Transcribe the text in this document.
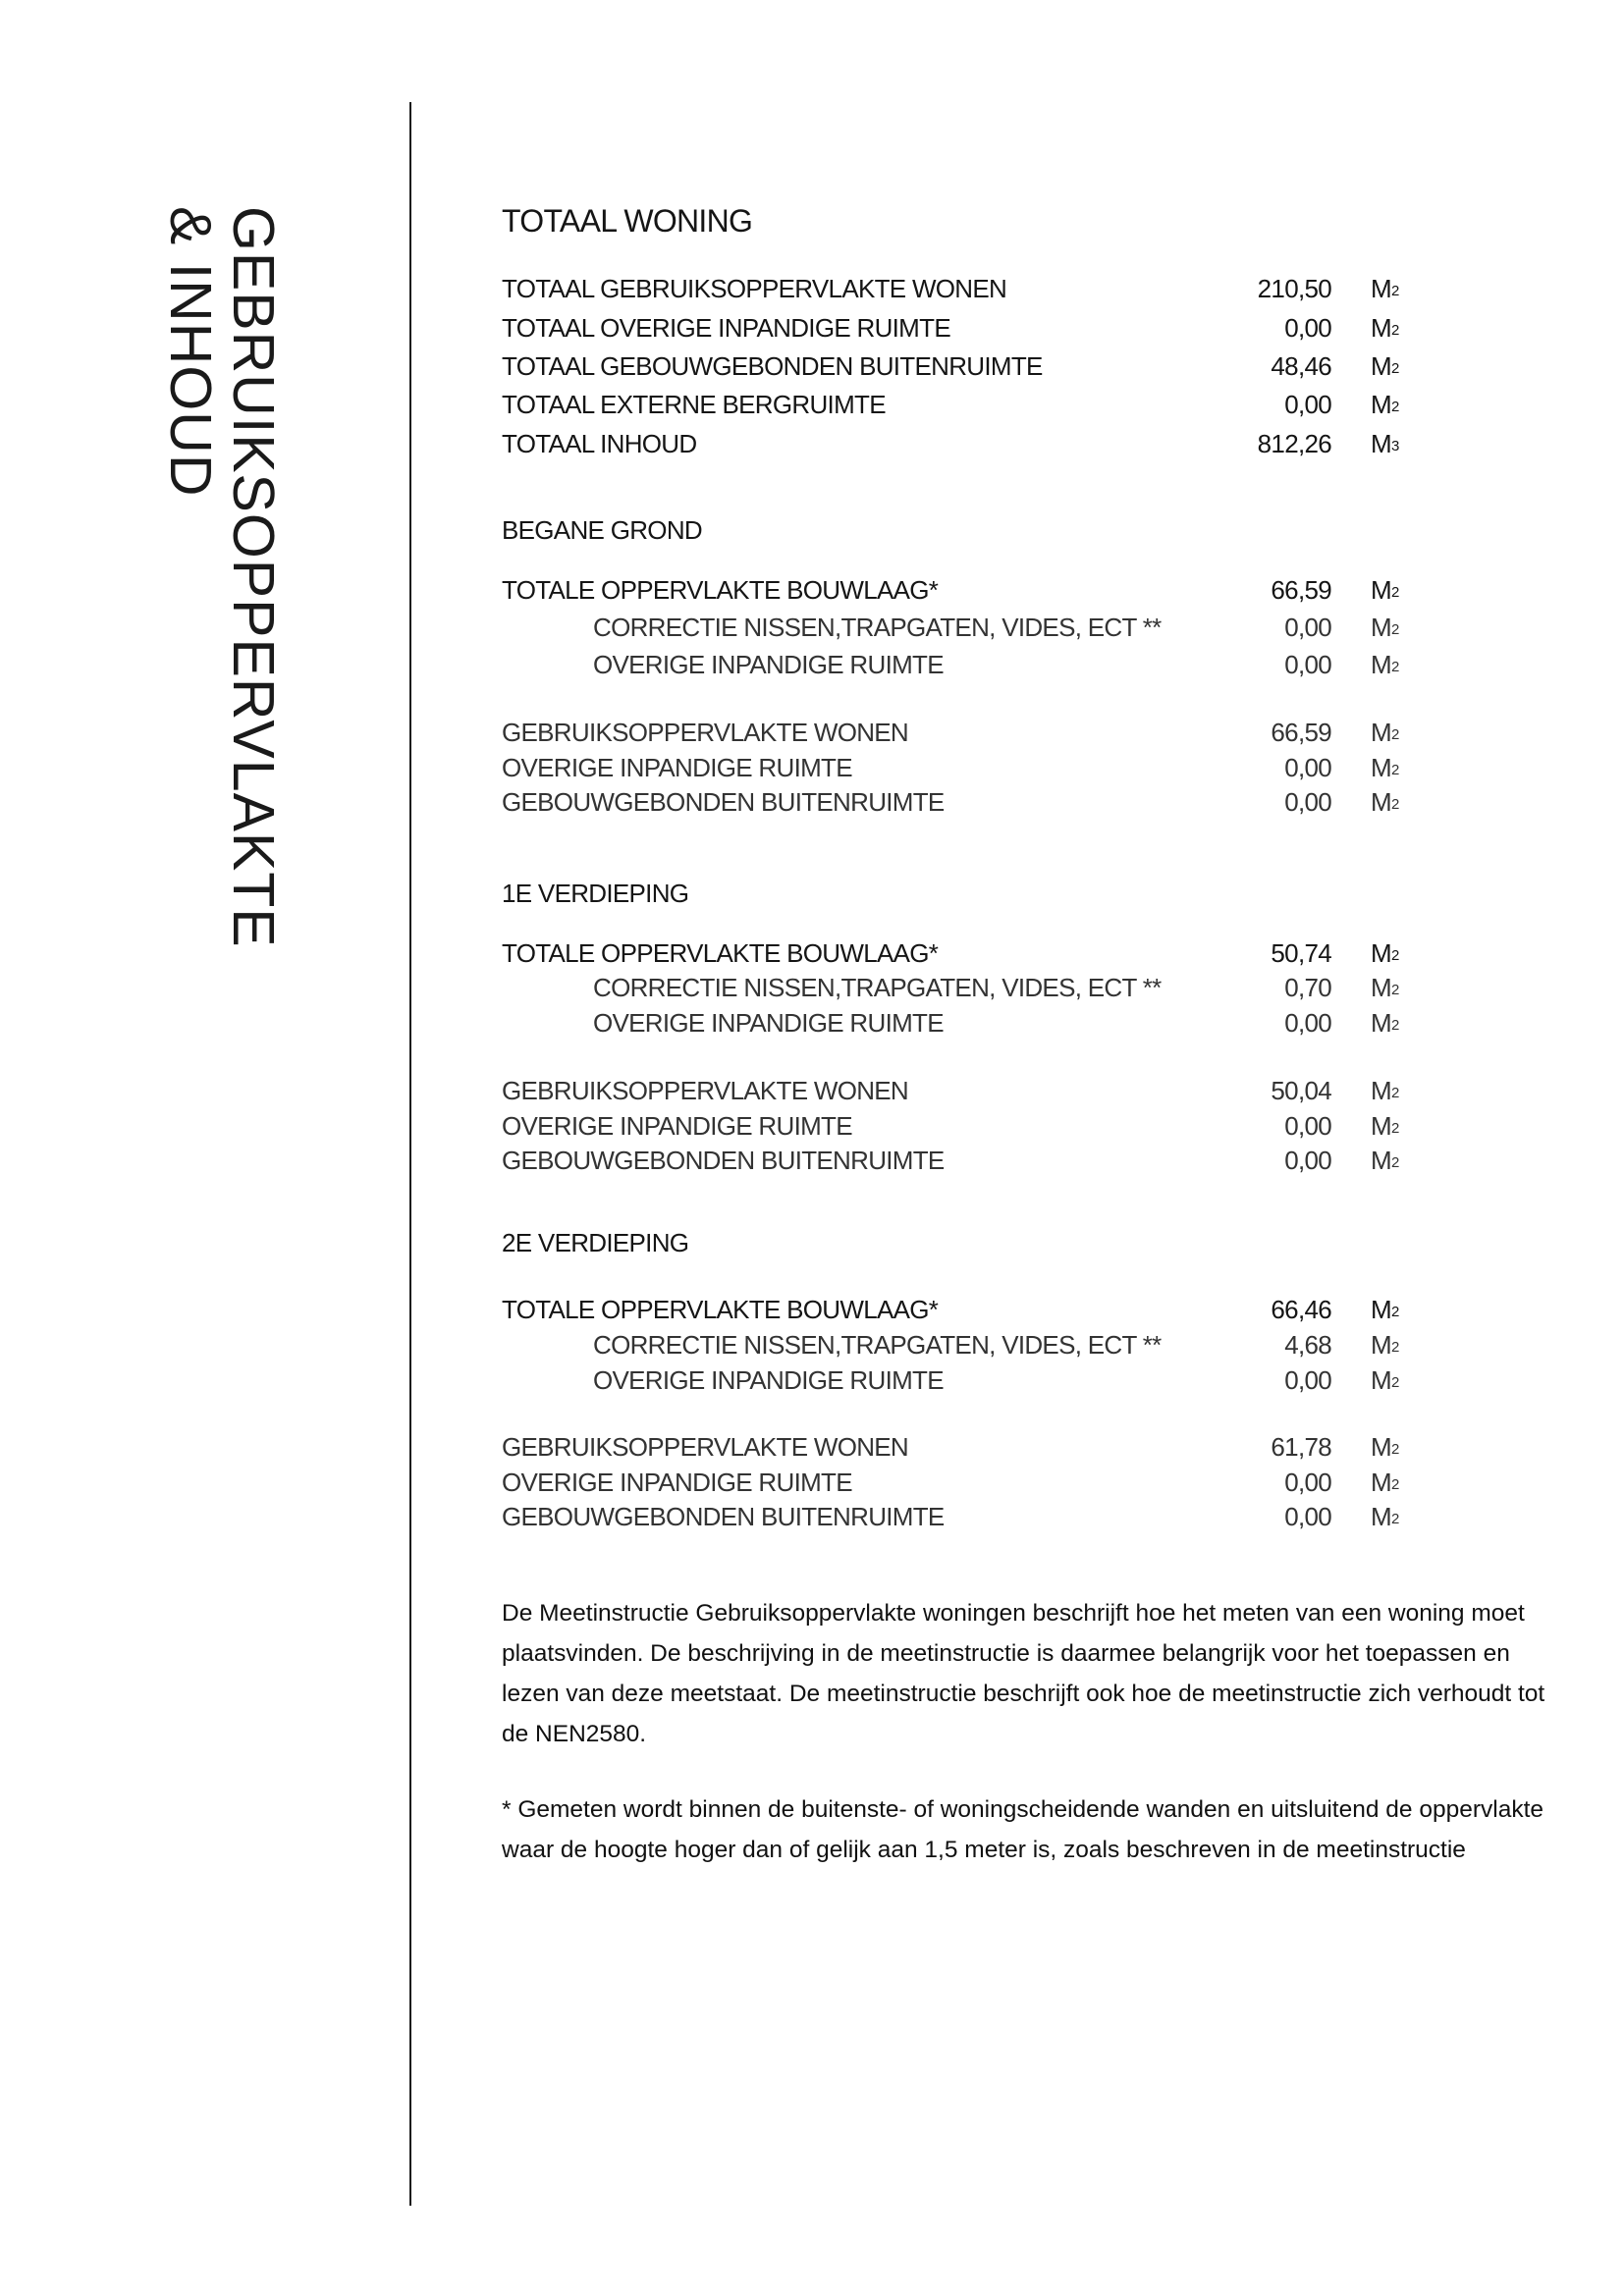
GEBRUIKSOPPERVLAKTE
& INHOUD	TOTAAL WONING
TOTAAL GEBRUIKSOPPERVLAKTE WONEN	210,50 $M^2$
TOTAAL OVERIGE INPANDIGE RUIMTE	0,00 $M^2$
TOTAAL GEBOUWGEBONDEN BUITENRUIMTE	48,46 $M^2$
TOTAAL EXTERNE BERGRUIMTE	0,00 $M^2$
TOTAAL INHOUD	812,26 $M^3$
BEGANE GROND
TOTALE OPPERVLAKTE BOUWLAAG*	66,59 $M^2$
CORRECTIE NISSEN,TRAPGATEN, VIDES, ECT **	0,00 $M^2$
OVERIGE INPANDIGE RUIMTE	0,00 $M^2$
GEBRUIKSOPPERVLAKTE WONEN	66,59 $M^2$
OVERIGE INPANDIGE RUIMTE	0,00 $M^2$
GEBOUWGEBONDEN BUITENRUIMTE	0,00 $M^2$
1E VERDIEPING
TOTALE OPPERVLAKTE BOUWLAAG*	50,74 $M^2$
CORRECTIE NISSEN,TRAPGATEN, VIDES, ECT **	0,70 $M^2$
OVERIGE INPANDIGE RUIMTE	0,00 $M^2$
GEBRUIKSOPPERVLAKTE WONEN	50,04 $M^2$
OVERIGE INPANDIGE RUIMTE	0,00 $M^2$
GEBOUWGEBONDEN BUITENRUIMTE	0,00 $M^2$
2E VERDIEPING
TOTALE OPPERVLAKTE BOUWLAAG*	66,46 $M^2$
CORRECTIE NISSEN,TRAPGATEN, VIDES, ECT **	4,68 $M^2$
OVERIGE INPANDIGE RUIMTE	0,00 $M^2$
GEBRUIKSOPPERVLAKTE WONEN	61,78 $M^2$
OVERIGE INPANDIGE RUIMTE	0,00 $M^2$
GEBOUWGEBONDEN BUITENRUIMTE	0,00 $M^2$

De Meetinstructie Gebruiksoppervlakte woningen beschrijft hoe het meten van een woning moet plaatsvinden. De beschrijving in de meetinstructie is daarmee belangrijk voor het toepassen en lezen van deze meetstaat. De meetinstructie beschrijft ook hoe de meetinstructie zich verhoudt tot de NEN2580.

* Gemeten wordt binnen de buitenste- of woningscheidende wanden en uitsluitend de oppervlakte waar de hoogte hoger dan of gelijk aan 1,5 meter is, zoals beschreven in de meetinstructie
